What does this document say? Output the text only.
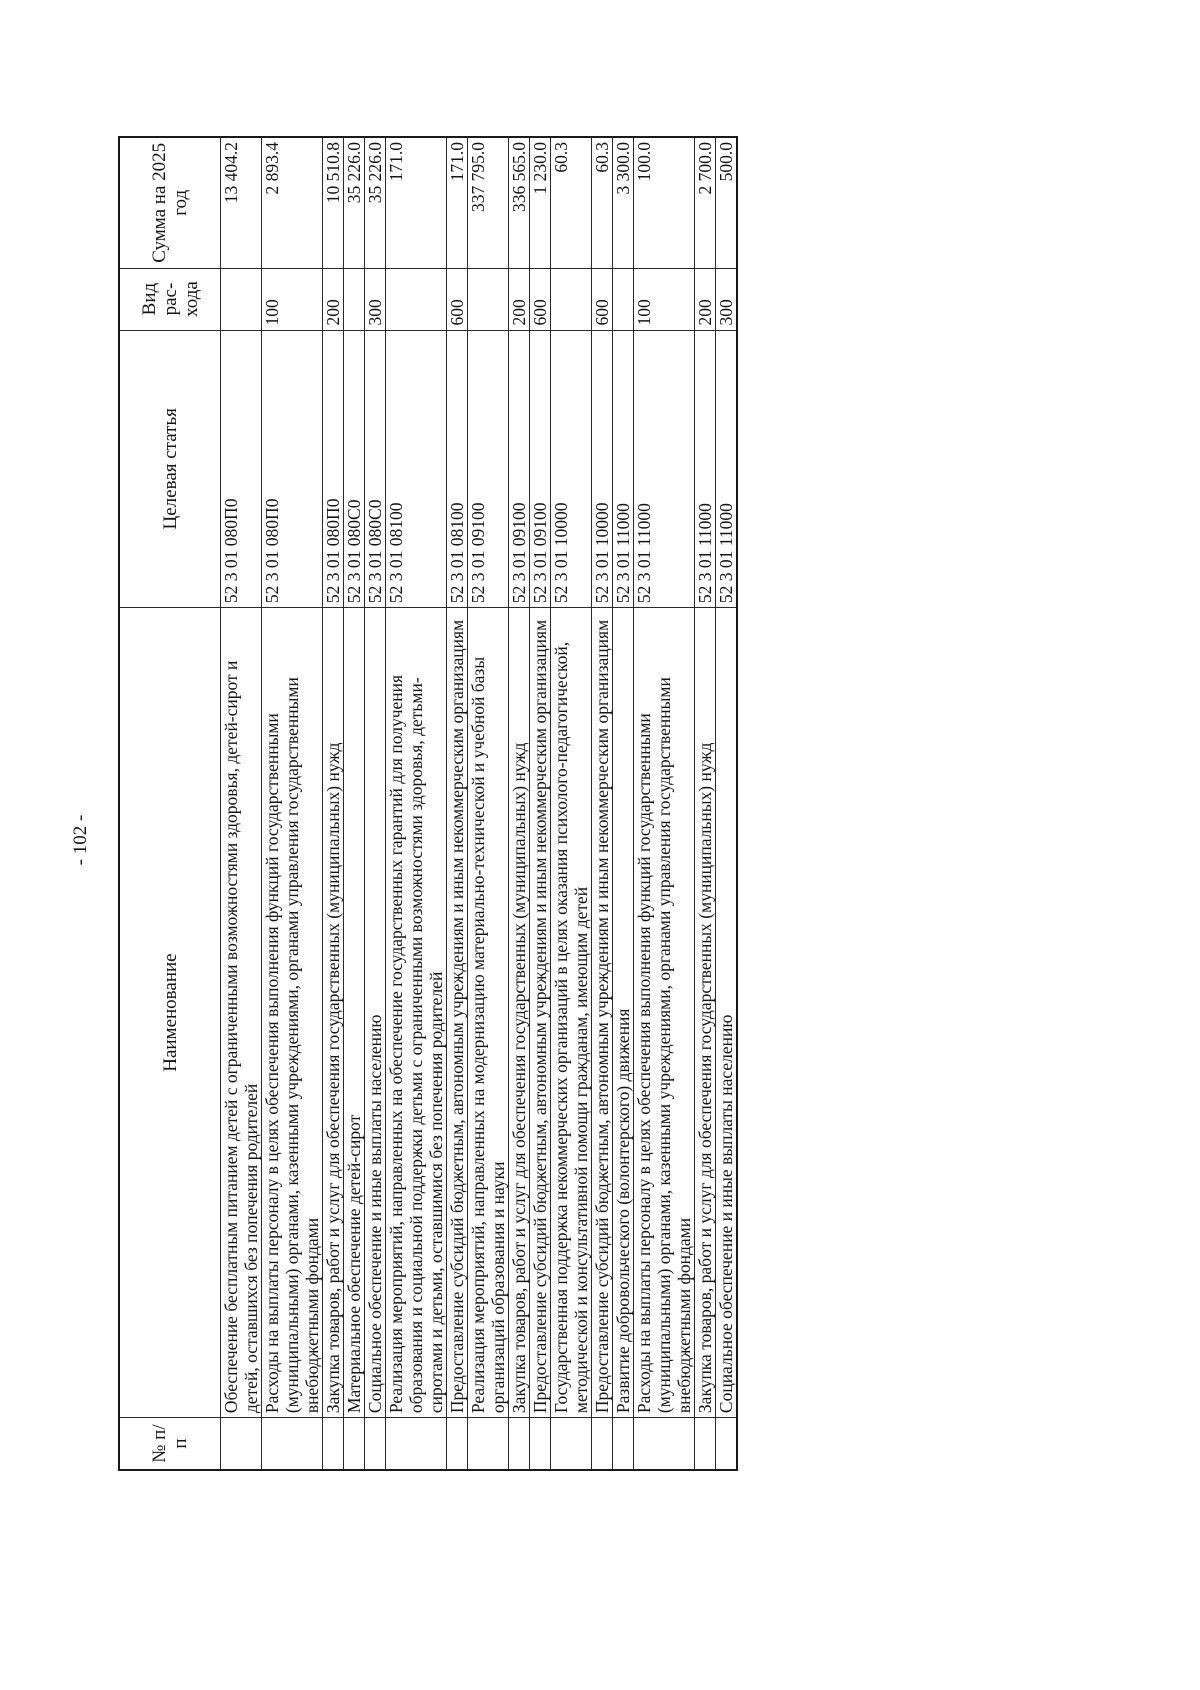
- 102 -
№ п/п	Наименование	Целевая статья	Вид рас-хода	Сумма на 2025 год
	Обеспечение бесплатным питанием детей с ограниченными возможностями здоровья, детей-сирот и детей, оставшихся без попечения родителей	52 3 01 080П0		13 404.2
	Расходы на выплаты персоналу в целях обеспечения выполнения функций государственными (муниципальными) органами, казенными учреждениями, органами управления государственными внебюджетными фондами	52 3 01 080П0	100	2 893.4
	Закупка товаров, работ и услуг для обеспечения государственных (муниципальных) нужд	52 3 01 080П0	200	10 510.8
	Материальное обеспечение детей-сирот	52 3 01 080С0		35 226.0
	Социальное обеспечение и иные выплаты населению	52 3 01 080С0	300	35 226.0
	Реализация мероприятий, направленных на обеспечение государственных гарантий для получения образования и социальной поддержки детьми с ограниченными возможностями здоровья, детьми-сиротами и детьми, оставшимися без попечения родителей	52 3 01 08100		171.0
	Предоставление субсидий бюджетным, автономным учреждениям и иным некоммерческим организациям	52 3 01 08100	600	171.0
	Реализация мероприятий, направленных на модернизацию материально-технической и учебной базы организаций образования и науки	52 3 01 09100		337 795.0
	Закупка товаров, работ и услуг для обеспечения государственных (муниципальных) нужд	52 3 01 09100	200	336 565.0
	Предоставление субсидий бюджетным, автономным учреждениям и иным некоммерческим организациям	52 3 01 09100	600	1 230.0
	Государственная поддержка некоммерческих организаций в целях оказания психолого-педагогической, методической и консультативной помощи гражданам, имеющим детей	52 3 01 10000		60.3
	Предоставление субсидий бюджетным, автономным учреждениям и иным некоммерческим организациям	52 3 01 10000	600	60.3
	Развитие добровольческого (волонтерского) движения	52 3 01 11000		3 300.0
	Расходы на выплаты персоналу в целях обеспечения выполнения функций государственными (муниципальными) органами, казенными учреждениями, органами управления государственными внебюджетными фондами	52 3 01 11000	100	100.0
	Закупка товаров, работ и услуг для обеспечения государственных (муниципальных) нужд	52 3 01 11000	200	2 700.0
	Социальное обеспечение и иные выплаты населению	52 3 01 11000	300	500.0
